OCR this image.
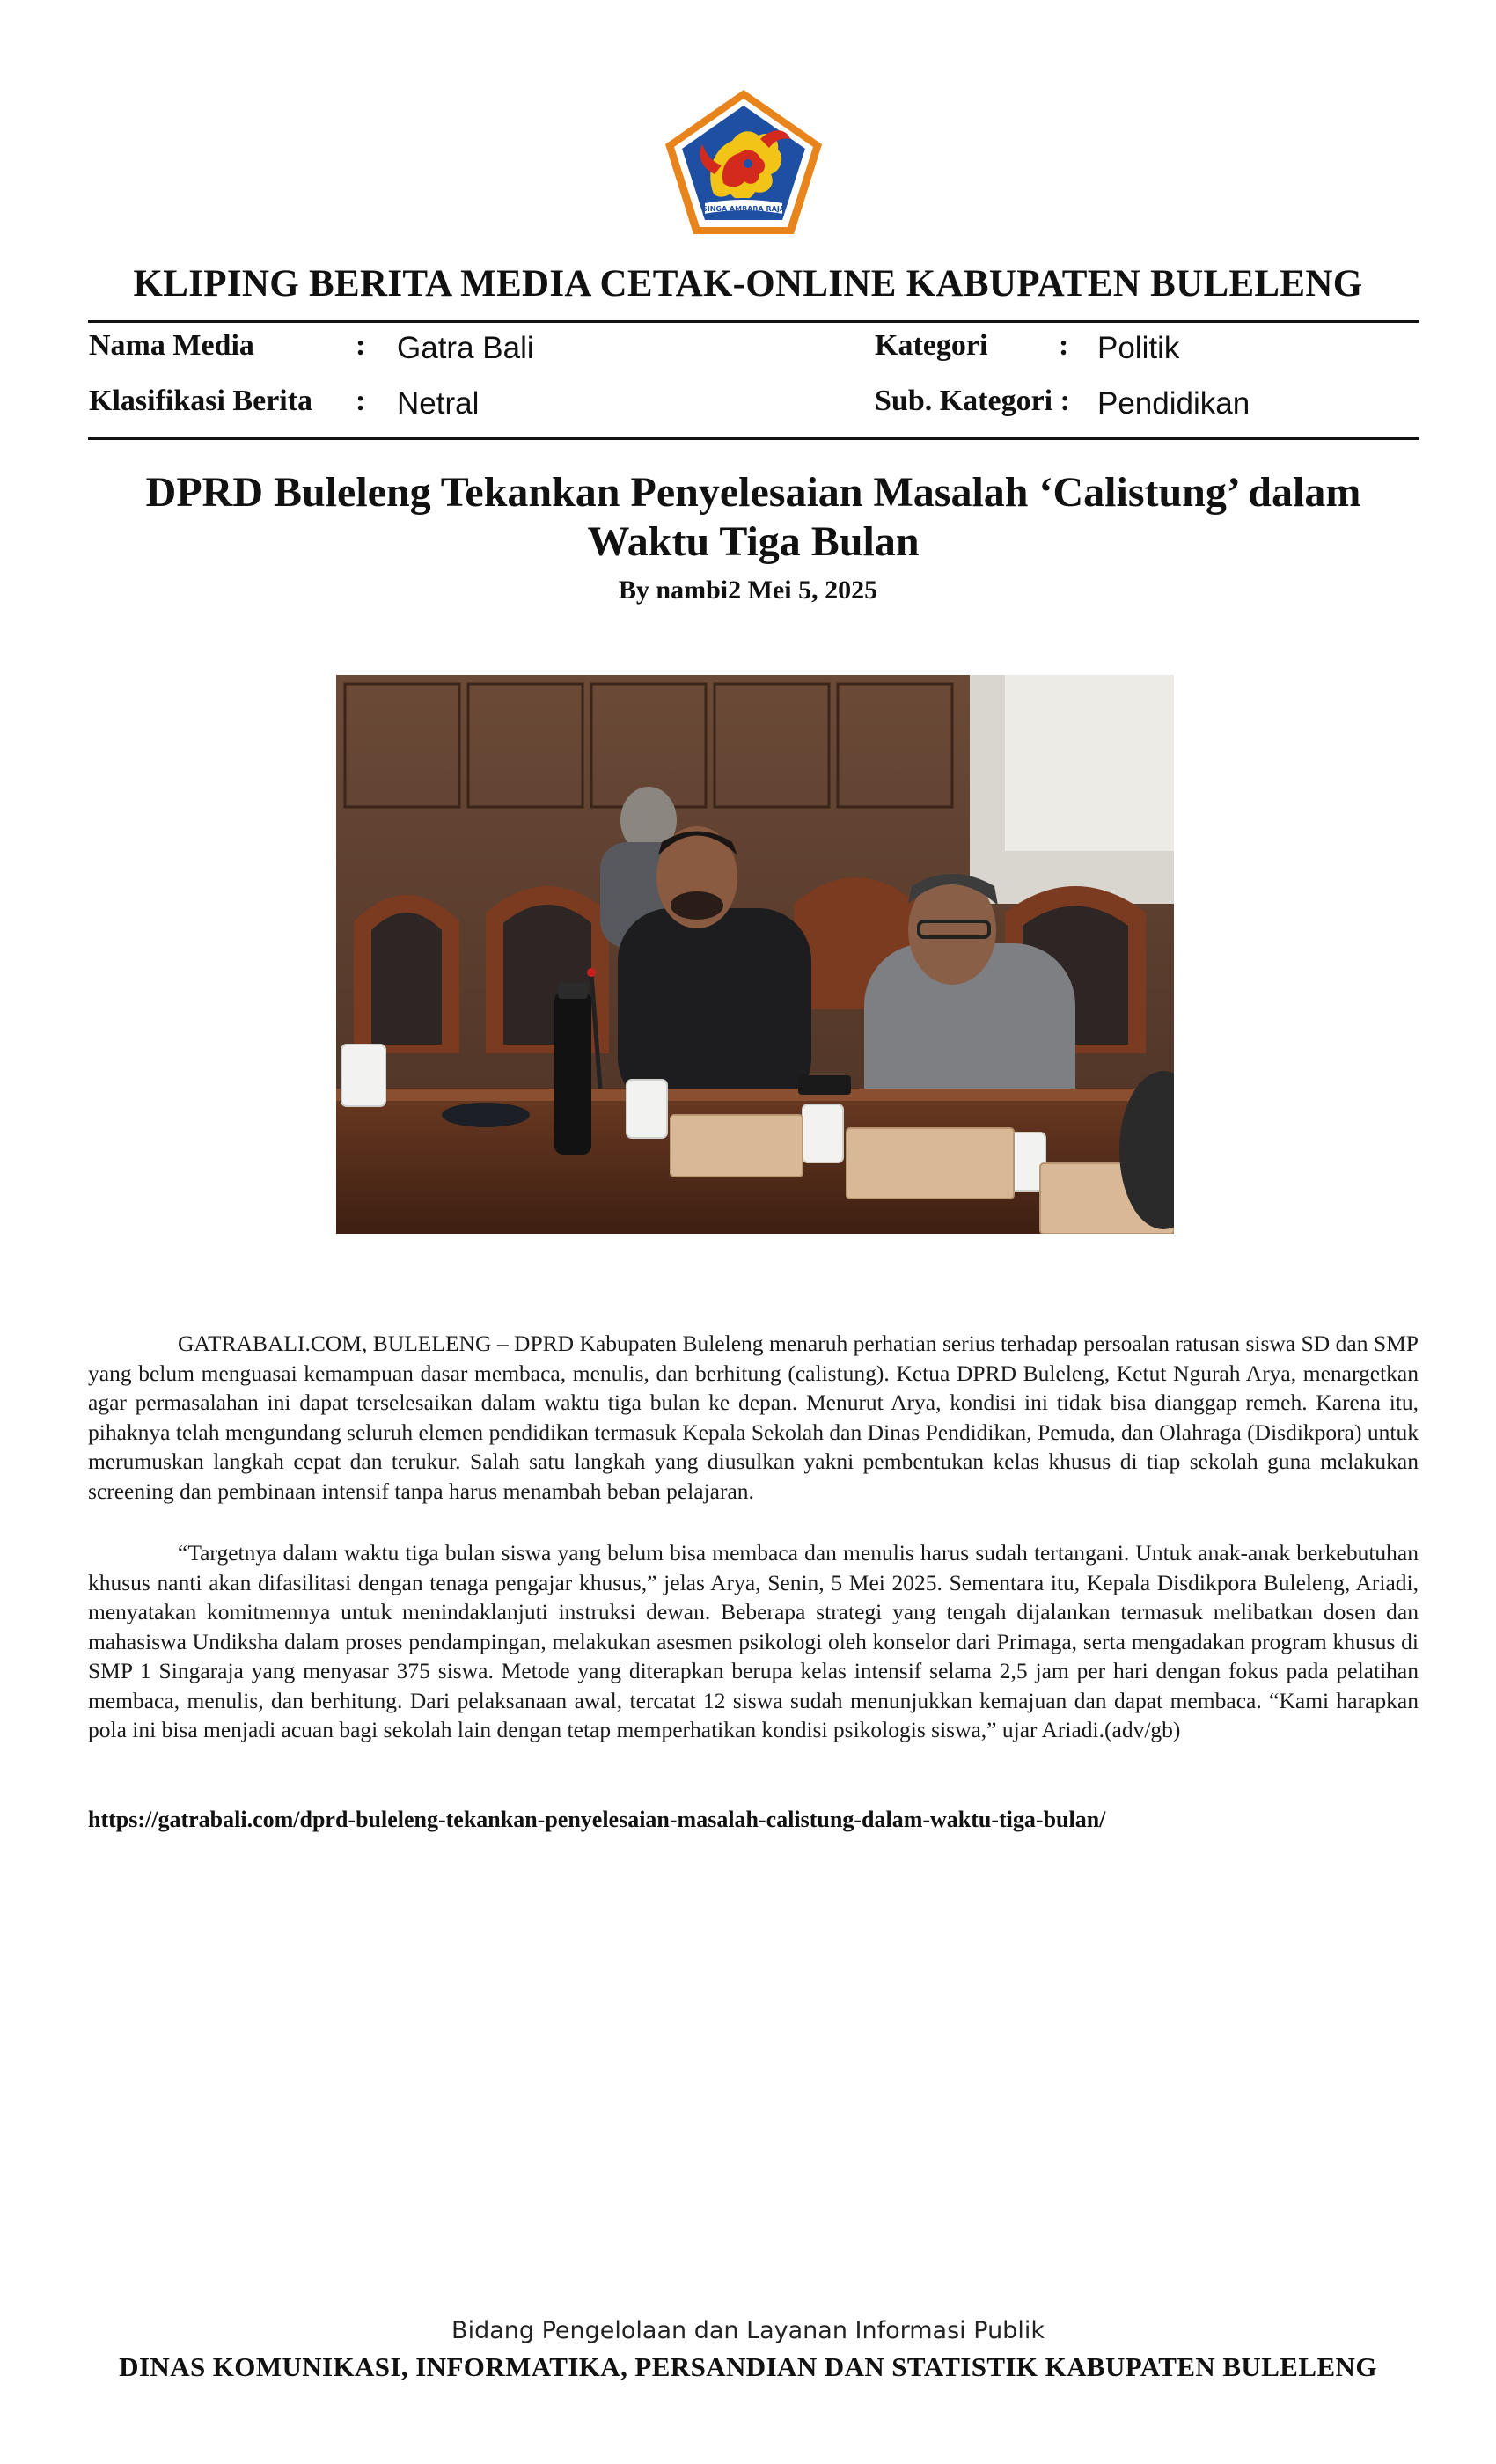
SINGA AMBARA RAJA
KLIPING BERITA MEDIA CETAK-ONLINE KABUPATEN BULELENG
Nama Media	: Gatra Bali
Klasifikasi Berita : Netral
Kategori : Politik
Sub. Kategori : Pendidikan
DPRD Buleleng Tekankan Penyelesaian Masalah ‘Calistung’ dalam Waktu Tiga Bulan
By nambi2 Mei 5, 2025

GATRABALI.COM, BULELENG – DPRD Kabupaten Buleleng menaruh perhatian serius terhadap persoalan ratusan siswa SD dan SMP yang belum menguasai kemampuan dasar membaca, menulis, dan berhitung (calistung). Ketua DPRD Buleleng, Ketut Ngurah Arya, menargetkan agar permasalahan ini dapat terselesaikan dalam waktu tiga bulan ke depan. Menurut Arya, kondisi ini tidak bisa dianggap remeh. Karena itu, pihaknya telah mengundang seluruh elemen pendidikan termasuk Kepala Sekolah dan Dinas Pendidikan, Pemuda, dan Olahraga (Disdikpora) untuk merumuskan langkah cepat dan terukur. Salah satu langkah yang diusulkan yakni pembentukan kelas khusus di tiap sekolah guna melakukan screening dan pembinaan intensif tanpa harus menambah beban pelajaran.

“Targetnya dalam waktu tiga bulan siswa yang belum bisa membaca dan menulis harus sudah tertangani. Untuk anak-anak berkebutuhan khusus nanti akan difasilitasi dengan tenaga pengajar khusus,” jelas Arya, Senin, 5 Mei 2025. Sementara itu, Kepala Disdikpora Buleleng, Ariadi, menyatakan komitmennya untuk menindaklanjuti instruksi dewan. Beberapa strategi yang tengah dijalankan termasuk melibatkan dosen dan mahasiswa Undiksha dalam proses pendampingan, melakukan asesmen psikologi oleh konselor dari Primaga, serta mengadakan program khusus di SMP 1 Singaraja yang menyasar 375 siswa. Metode yang diterapkan berupa kelas intensif selama 2,5 jam per hari dengan fokus pada pelatihan membaca, menulis, dan berhitung. Dari pelaksanaan awal, tercatat 12 siswa sudah menunjukkan kemajuan dan dapat membaca. “Kami harapkan pola ini bisa menjadi acuan bagi sekolah lain dengan tetap memperhatikan kondisi psikologis siswa,” ujar Ariadi.(adv/gb)

https://gatrabali.com/dprd-buleleng-tekankan-penyelesaian-masalah-calistung-dalam-waktu-tiga-bulan/
Bidang Pengelolaan dan Layanan Informasi Publik
DINAS KOMUNIKASI, INFORMATIKA, PERSANDIAN DAN STATISTIK KABUPATEN BULELENG
